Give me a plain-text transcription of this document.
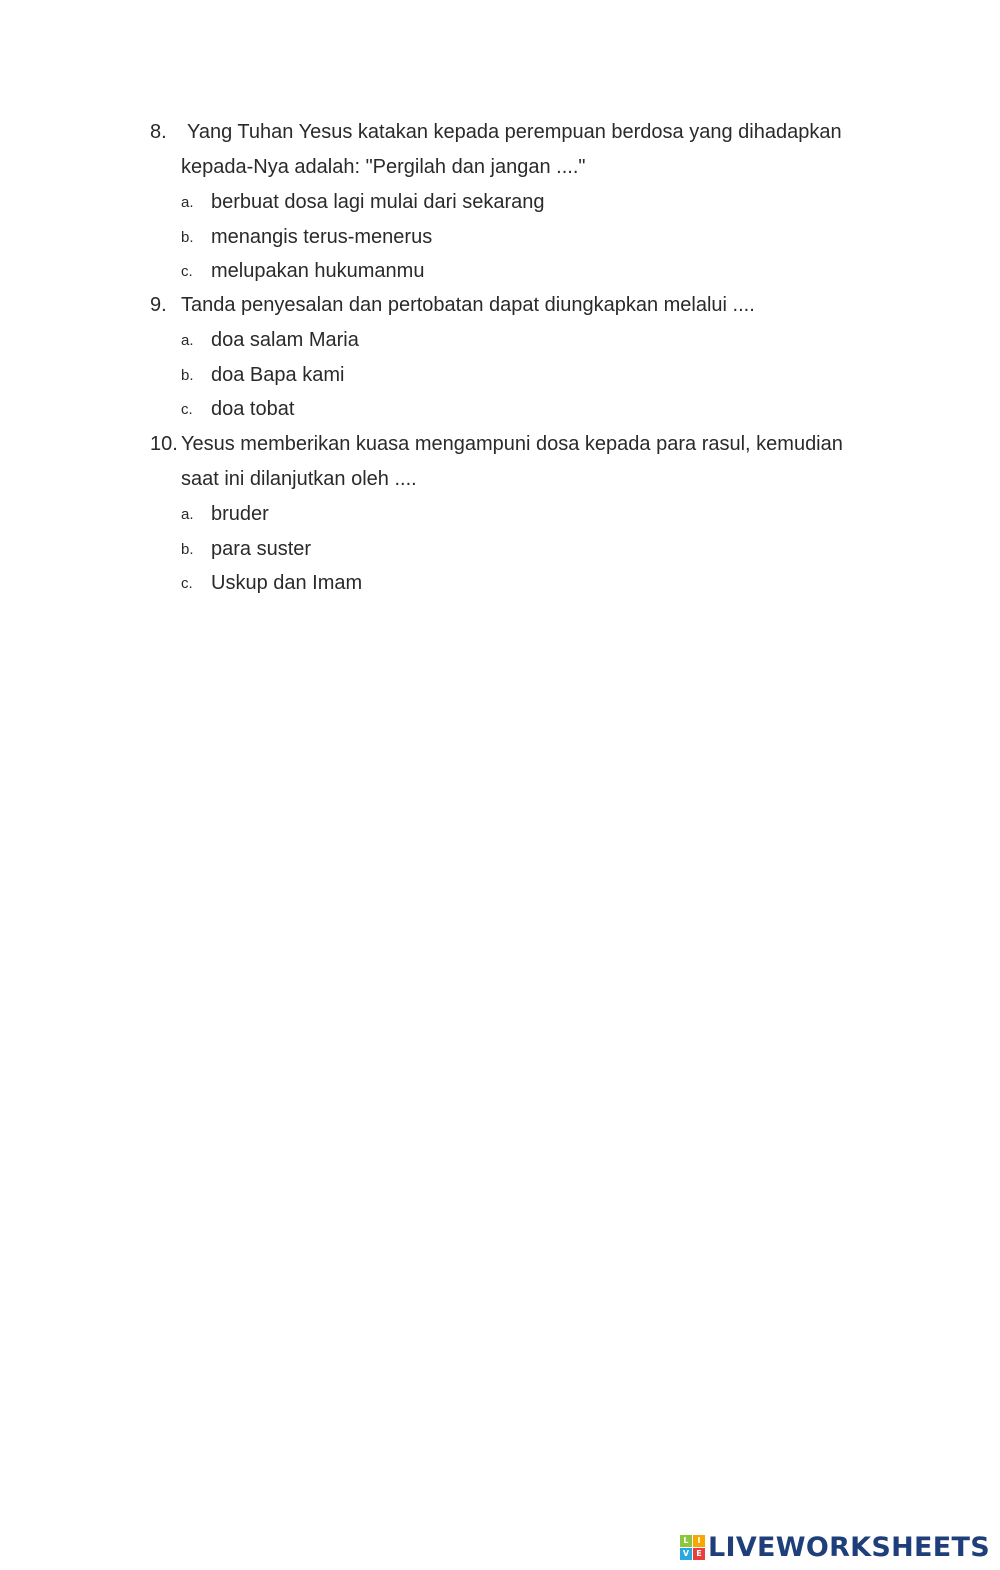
8. Yang Tuhan Yesus katakan kepada perempuan berdosa yang dihadapkan
kepada-Nya adalah: "Pergilah dan jangan ...."
a. berbuat dosa lagi mulai dari sekarang
b. menangis terus-menerus
c. melupakan hukumanmu
9. Tanda penyesalan dan pertobatan dapat diungkapkan melalui ....
a. doa salam Maria
b. doa Bapa kami
c. doa tobat
10. Yesus memberikan kuasa mengampuni dosa kepada para rasul, kemudian
saat ini dilanjutkan oleh ....
a. bruder
b. para suster
c. Uskup dan Imam
L	I
V E LIVEWORKSHEETS
